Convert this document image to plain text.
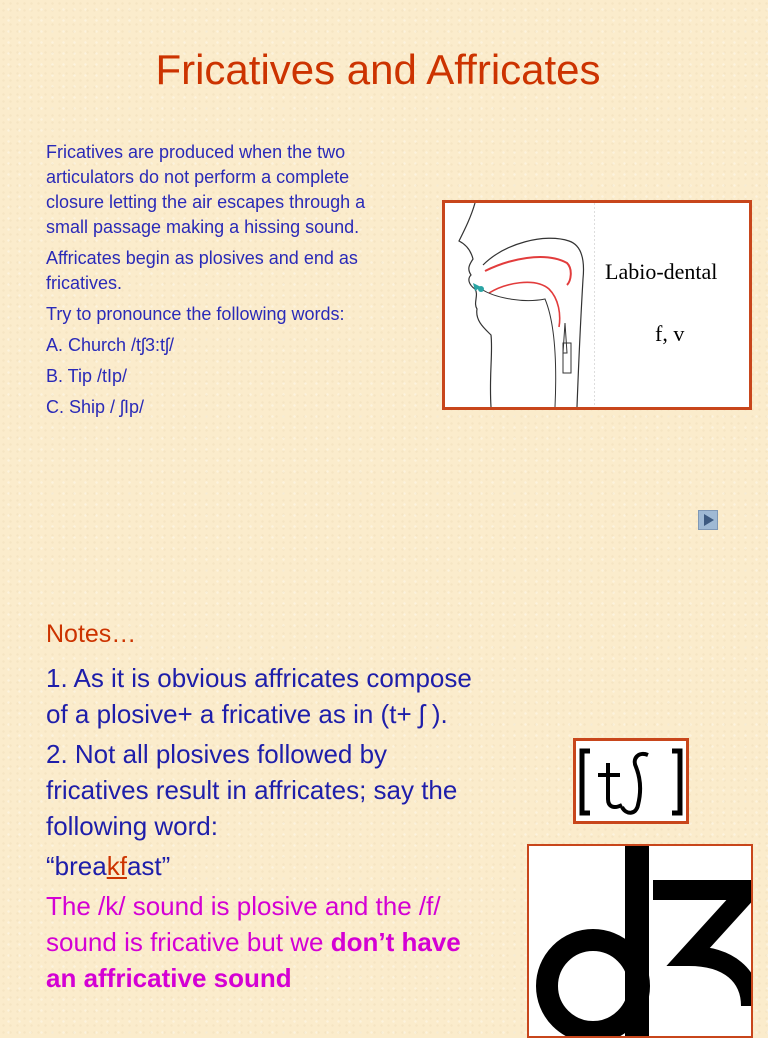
Fricatives and Affricates

Fricatives are produced when the two articulators do not perform a complete closure letting the air escapes through a small passage making a hissing sound.

Affricates begin as plosives and end as fricatives.

Try to pronounce the following words:

A. Church /tʃ3:tʃ/

B. Tip /tIp/

C. Ship / ʃIp/

Labio-dental
f, v
Notes…

1. As it is obvious affricates compose of a plosive+ a fricative as in (t+ ʃ ).

2. Not all plosives followed by fricatives result in affricates; say the following word:

“breakfast”

The /k/ sound is plosive and the /f/ sound is fricative but we don’t have an affricative sound
